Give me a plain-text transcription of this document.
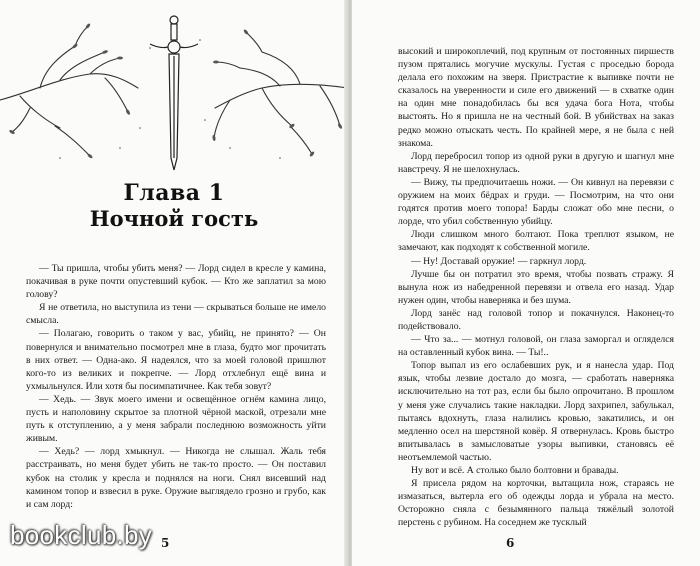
Глава 1
Ночной гость

— Ты пришла, чтобы убить меня? — Лорд сидел в кресле у камина, покачивая в руке почти опустевший кубок. — Кто же заплатил за мою голову?

Я не ответила, но выступила из тени — скрываться больше не имело смысла.

— Полагаю, говорить о таком у вас, убийц, не принято? — Он повернулся и внимательно посмотрел мне в глаза, будто мог прочитать в них ответ. — Одна-ако. Я надеялся, что за моей головой пришлют кого-то из великих и покрепче. — Лорд отхлебнул ещё вина и ухмыльнулся. Или хотя бы посимпатичнее. Как тебя зовут?

— Хедь. — Звук моего имени и освещённое огнём камина лицо, пусть и наполовину скрытое за плотной чёрной маской, отрезали мне путь к отступлению, а у меня забрали последнюю возможность уйти живым.

— Хедь? — лорд хмыкнул. — Никогда не слышал. Жаль тебя расстраивать, но меня будет убить не так-то просто. — Он поставил кубок на столик у кресла и поднялся на ноги. Снял висевший над камином топор и взвесил в руке. Оружие выглядело грозно и грубо, как и сам лорд:

5

высокий и широкоплечий, под крупным от постоянных пиршеств пузом прятались могучие мускулы. Густая с проседью борода делала его похожим на зверя. Пристрастие к выпивке почти не сказалось на уверенности и силе его движений — в схватке один на один мне понадобилась бы вся удача бога Нота, чтобы выстоять. Но я пришла не на честный бой. В убийствах на заказ редко можно отыскать честь. По крайней мере, я не была с ней знакома.

Лорд перебросил топор из одной руки в другую и шагнул мне навстречу. Я не шелохнулась.

— Вижу, ты предпочитаешь ножи. — Он кивнул на перевязи с оружием на моих бёдрах и груди. — Посмотрим, на что они годятся против моего топора! Барды сложат обо мне песни, о лорде, что убил собственную убийцу.

Люди слишком много болтают. Пока треплют языком, не замечают, как подходят к собственной могиле.

— Ну! Доставай оружие! — гаркнул лорд.

Лучше бы он потратил это время, чтобы позвать стражу. Я вынула нож из набедренной перевязи и отвела его назад. Удар нужен один, чтобы наверняка и без шума.

Лорд занёс над головой топор и покачнулся. Наконец-то подействовало.

— Что за... — мотнул головой, он глаза заморгал и огляделся на оставленный кубок вина. — Ты!..

Топор выпал из его ослабевших рук, и я нанесла удар. Под язык, чтобы лезвие достало до мозга, — сработать наверняка исключительно на тот раз, если бы было опрочитано. В прошлом у меня уже случались такие накладки. Лорд захрипел, забулькал, пытаясь вдохнуть, глаза налились кровью, закатились, и он медленно осел на шерстяной ковёр. Я отвернулась. Кровь быстро впитывалась в замысловатые узоры выпивки, становясь её неотъемлемой частью.

Ну вот и всё. А столько было болтовни и бравады.

Я присела рядом на корточки, вытащила нож, стараясь не измазаться, вытерла его об одежды лорда и убрала на место. Осторожно сняла с безымянного пальца тяжёлый золотой перстень с рубином. На соседнем же тусклый

6
bookclub.by
